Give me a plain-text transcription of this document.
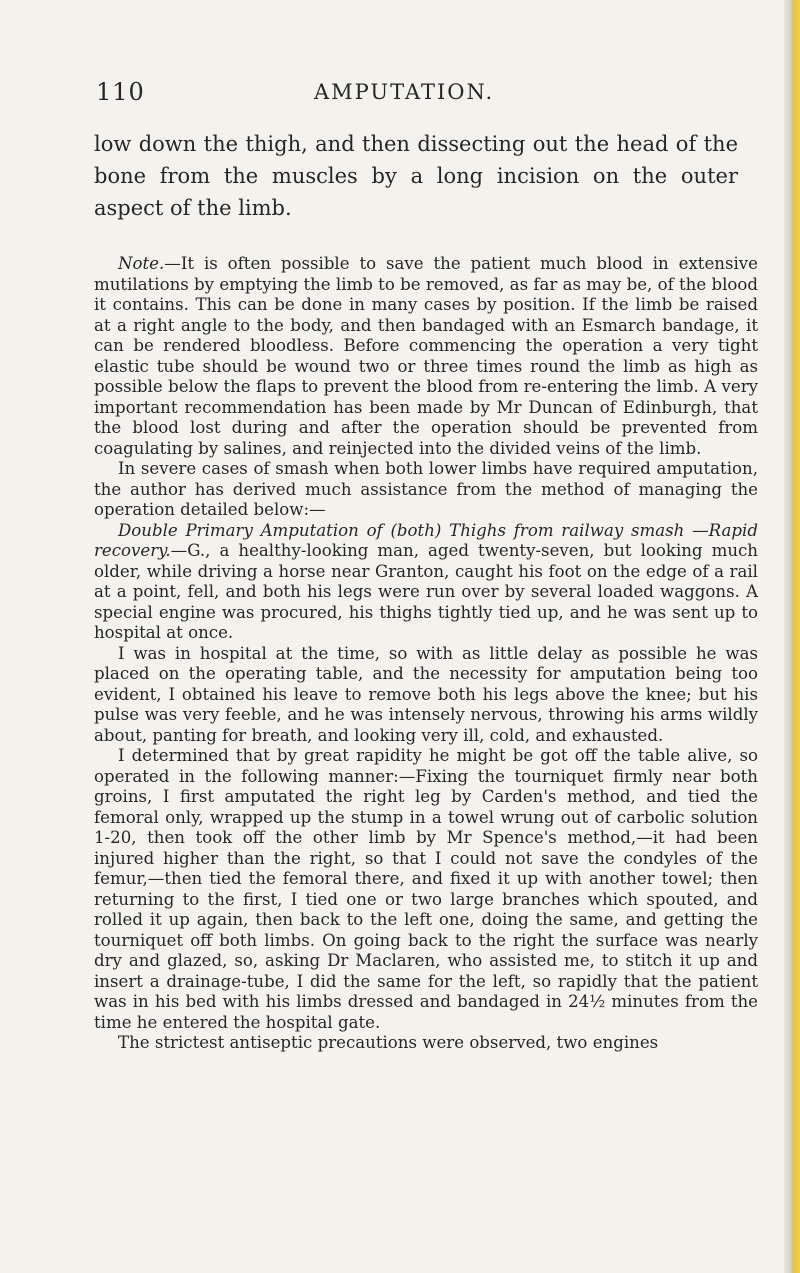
110	AMPUTATION.

low down the thigh, and then dissecting out the head of the bone from the muscles by a long incision on the outer aspect of the limb.

Note.—It is often possible to save the patient much blood in extensive mutilations by emptying the limb to be removed, as far as may be, of the blood it contains. This can be done in many cases by position. If the limb be raised at a right angle to the body, and then bandaged with an Esmarch bandage, it can be rendered bloodless. Before commencing the operation a very tight elastic tube should be wound two or three times round the limb as high as possible below the flaps to prevent the blood from re-entering the limb. A very important recommendation has been made by Mr Duncan of Edinburgh, that the blood lost during and after the operation should be prevented from coagulating by salines, and reinjected into the divided veins of the limb.

In severe cases of smash when both lower limbs have required amputation, the author has derived much assistance from the method of managing the operation detailed below:—

Double Primary Amputation of (both) Thighs from railway smash —Rapid recovery.—G., a healthy-looking man, aged twenty-seven, but looking much older, while driving a horse near Granton, caught his foot on the edge of a rail at a point, fell, and both his legs were run over by several loaded waggons. A special engine was procured, his thighs tightly tied up, and he was sent up to hospital at once.

I was in hospital at the time, so with as little delay as possible he was placed on the operating table, and the necessity for amputation being too evident, I obtained his leave to remove both his legs above the knee; but his pulse was very feeble, and he was intensely nervous, throwing his arms wildly about, panting for breath, and looking very ill, cold, and exhausted.

I determined that by great rapidity he might be got off the table alive, so operated in the following manner:—Fixing the tourniquet firmly near both groins, I first amputated the right leg by Carden's method, and tied the femoral only, wrapped up the stump in a towel wrung out of carbolic solution 1-20, then took off the other limb by Mr Spence's method,—it had been injured higher than the right, so that I could not save the condyles of the femur,—then tied the femoral there, and fixed it up with another towel; then returning to the first, I tied one or two large branches which spouted, and rolled it up again, then back to the left one, doing the same, and getting the tourniquet off both limbs. On going back to the right the surface was nearly dry and glazed, so, asking Dr Maclaren, who assisted me, to stitch it up and insert a drainage-tube, I did the same for the left, so rapidly that the patient was in his bed with his limbs dressed and bandaged in 24½ minutes from the time he entered the hospital gate.

The strictest antiseptic precautions were observed, two engines
